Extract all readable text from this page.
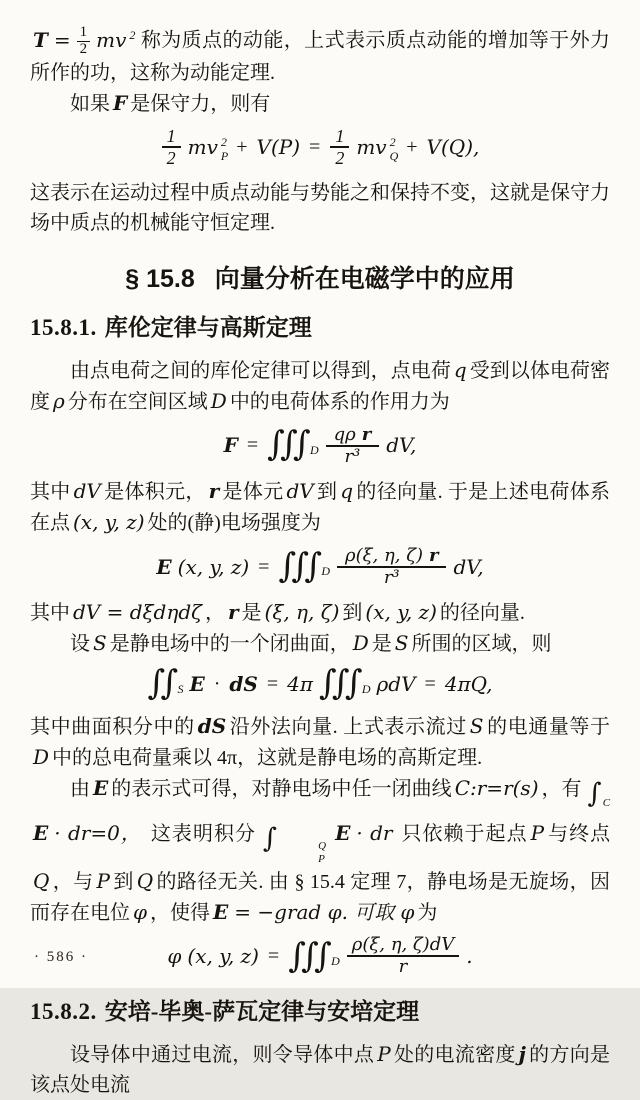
$T = \frac{1}{2}$ mv $^2$ 称为质点的动能，上式表示质点动能的增加等于外力所作的功，这称为动能定理.

如果 F 是保守力，则有

$\frac{1}{2}$ mv 2
$P + V(P) = \frac{1}{2}$ mv 2
Q + V(Q),

这表示在运动过程中质点动能与势能之和保持不变，这就是保守力场中质点的机械能守恒定理.

§ 15.8 向量分析在电磁学中的应用
15.8.1. 库伦定律与高斯定理

由点电荷之间的库伦定律可以得到，点电荷 q 受到以体电荷密度 ρ 分布在空间区域 D 中的电荷体系的作用力为

F = ∫∫∫ D $\frac{\text{qρ r}}{\text{r³}}$ dV,

其中 dV 是体积元， r 是体元 dV 到 q 的径向量. 于是上述电荷体系在点 (x, y, z) 处的(静)电场强度为

E (x, y, z) = ∫∫∫ D $\frac{\rho(\xi, \eta, \zeta) r}{\text{r³}}$ dV,

其中 dV = dξdηdζ ， r 是 (ξ, η, ζ) 到 (x, y, z) 的径向量.

设 S 是静电场中的一个闭曲面， D 是 S 所围的区域，则

∫∫ S E · dS = 4π ∫∫∫ D ρdV = 4πQ,

其中曲面积分中的 dS 沿外法向量. 上式表示流过 S 的电通量等于D 中的总电荷量乘以 4π，这就是静电场的高斯定理.

由 E 的表示式可得，对静电场中任一闭曲线 C:r=r(s) ，有 $\int_C$ E · dr=0， 这表明积分 ∫	Q
P
E · dr 只依赖于起点 P 与终点Q ，与 P 到 Q 的路径无关. 由 § 15.4 定理 7，静电场是无旋场，因而存在电位 φ ，使得 E = −grad φ. 可取 φ 为

φ (x, y, z) = ∫∫∫ D $\frac{\rho(\xi, \eta, \zeta)dV}{r}$ .
15.8.2. 安培-毕奥-萨瓦定律与安培定理

设导体中通过电流，则令导体中点 P 处的电流密度 j 的方向是该点处电流

· 586 ·
